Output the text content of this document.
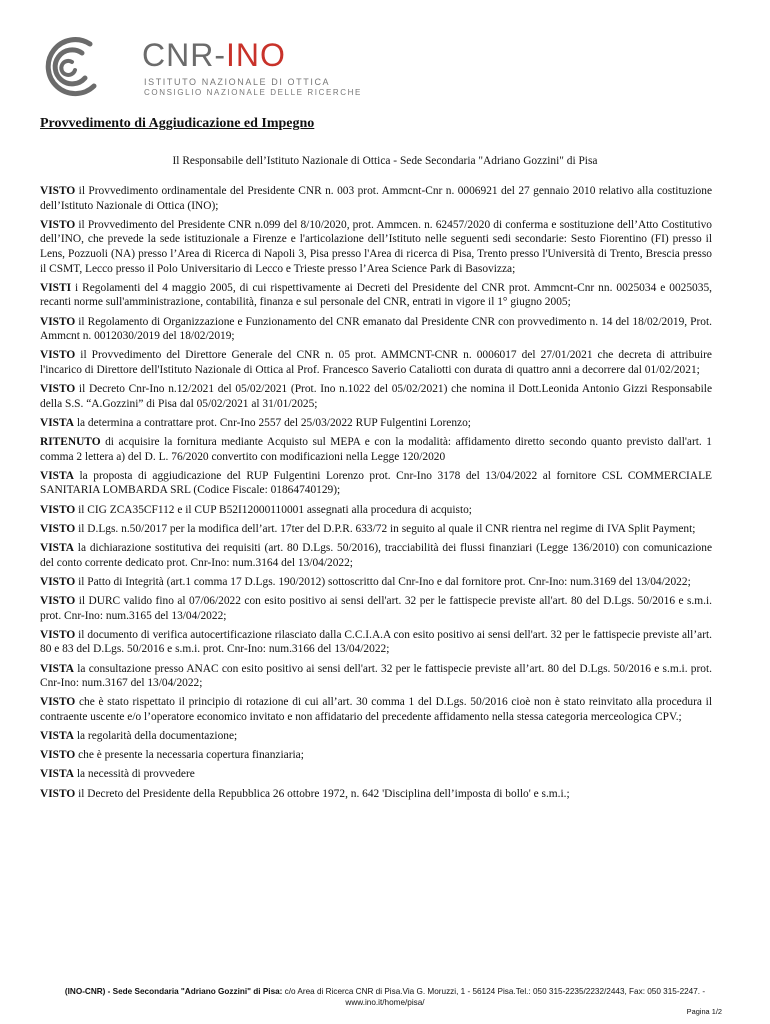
CNR-INO
ISTITUTO NAZIONALE DI OTTICA
CONSIGLIO NAZIONALE DELLE RICERCHE
Provvedimento di Aggiudicazione ed Impegno

Il Responsabile dell’Istituto Nazionale di Ottica - Sede Secondaria "Adriano Gozzini" di Pisa

VISTO il Provvedimento ordinamentale del Presidente CNR n. 003 prot. Ammcnt-Cnr n. 0006921 del 27 gennaio 2010 relativo alla costituzione dell’Istituto Nazionale di Ottica (INO);

VISTO il Provvedimento del Presidente CNR n.099 del 8/10/2020, prot. Ammcen. n. 62457/2020 di conferma e sostituzione dell’Atto Costitutivo dell’INO, che prevede la sede istituzionale a Firenze e l'articolazione dell’Istituto nelle seguenti sedi secondarie: Sesto Fiorentino (FI) presso il Lens, Pozzuoli (NA) presso l’Area di Ricerca di Napoli 3, Pisa presso l'Area di ricerca di Pisa, Trento presso l'Università di Trento, Brescia presso il CSMT, Lecco presso il Polo Universitario di Lecco e Trieste presso l’Area Science Park di Basovizza;

VISTI i Regolamenti del 4 maggio 2005, di cui rispettivamente ai Decreti del Presidente del CNR prot. Ammcnt-Cnr nn. 0025034 e 0025035, recanti norme sull'amministrazione, contabilità, finanza e sul personale del CNR, entrati in vigore il 1° giugno 2005;

VISTO il Regolamento di Organizzazione e Funzionamento del CNR emanato dal Presidente CNR con provvedimento n. 14 del 18/02/2019, Prot. Ammcnt n. 0012030/2019 del 18/02/2019;

VISTO il Provvedimento del Direttore Generale del CNR n. 05 prot. AMMCNT-CNR n. 0006017 del 27/01/2021 che decreta di attribuire l'incarico di Direttore dell'Istituto Nazionale di Ottica al Prof. Francesco Saverio Cataliotti con durata di quattro anni a decorrere dal 01/02/2021;

VISTO il Decreto Cnr-Ino n.12/2021 del 05/02/2021 (Prot. Ino n.1022 del 05/02/2021) che nomina il Dott.Leonida Antonio Gizzi Responsabile della S.S. “A.Gozzini” di Pisa dal 05/02/2021 al 31/01/2025;

VISTA la determina a contrattare prot. Cnr-Ino 2557 del 25/03/2022 RUP Fulgentini Lorenzo;

RITENUTO di acquisire la fornitura mediante Acquisto sul MEPA e con la modalità: affidamento diretto secondo quanto previsto dall'art. 1 comma 2 lettera a) del D. L. 76/2020 convertito con modificazioni nella Legge 120/2020

VISTA la proposta di aggiudicazione del RUP Fulgentini Lorenzo prot. Cnr-Ino 3178 del 13/04/2022 al fornitore CSL COMMERCIALE SANITARIA LOMBARDA SRL (Codice Fiscale: 01864740129);

VISTO il CIG ZCA35CF112 e il CUP B52I12000110001 assegnati alla procedura di acquisto;

VISTO il D.Lgs. n.50/2017 per la modifica dell’art. 17ter del D.P.R. 633/72 in seguito al quale il CNR rientra nel regime di IVA Split Payment;

VISTA la dichiarazione sostitutiva dei requisiti (art. 80 D.Lgs. 50/2016), tracciabilità dei flussi finanziari (Legge 136/2010) con comunicazione del conto corrente dedicato prot. Cnr-Ino: num.3164 del 13/04/2022;

VISTO il Patto di Integrità (art.1 comma 17 D.Lgs. 190/2012) sottoscritto dal Cnr-Ino e dal fornitore prot. Cnr-Ino: num.3169 del 13/04/2022;

VISTO il DURC valido fino al 07/06/2022 con esito positivo ai sensi dell'art. 32 per le fattispecie previste all'art. 80 del D.Lgs. 50/2016 e s.m.i. prot. Cnr-Ino: num.3165 del 13/04/2022;

VISTO il documento di verifica autocertificazione rilasciato dalla C.C.I.A.A con esito positivo ai sensi dell'art. 32 per le fattispecie previste all’art. 80 e 83 del D.Lgs. 50/2016 e s.m.i. prot. Cnr-Ino: num.3166 del 13/04/2022;

VISTA la consultazione presso ANAC con esito positivo ai sensi dell'art. 32 per le fattispecie previste all’art. 80 del D.Lgs. 50/2016 e s.m.i. prot. Cnr-Ino: num.3167 del 13/04/2022;

VISTO che è stato rispettato il principio di rotazione di cui all’art. 30 comma 1 del D.Lgs. 50/2016 cioè non è stato reinvitato alla procedura il contraente uscente e/o l’operatore economico invitato e non affidatario del precedente affidamento nella stessa categoria merceologica CPV.;

VISTA la regolarità della documentazione;

VISTO che è presente la necessaria copertura finanziaria;

VISTA la necessità di provvedere

VISTO il Decreto del Presidente della Repubblica 26 ottobre 1972, n. 642 'Disciplina dell’imposta di bollo' e s.m.i.;

(INO-CNR) - Sede Secondaria "Adriano Gozzini" di Pisa: c/o Area di Ricerca CNR di Pisa.Via G. Moruzzi, 1 - 56124 Pisa.Tel.: 050 315-2235/2232/2443, Fax: 050 315-2247. - www.ino.it/home/pisa/
Pagina 1/2
